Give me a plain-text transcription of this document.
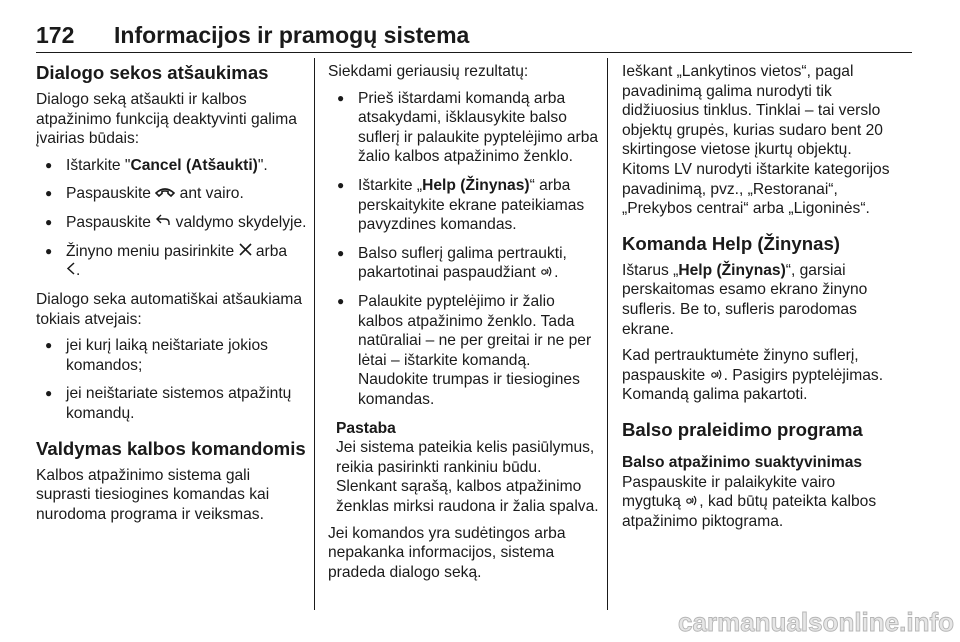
172 Informacijos ir pramogų sistema
Dialogo sekos atšaukimas

Dialogo seką atšaukti ir kalbos atpažinimo funkciją deaktyvinti galima įvairias būdais:

● Ištarkite "Cancel (Atšaukti)".
● Paspauskite ant vairo.
● Paspauskite valdymo skydelyje.
● Žinyno meniu pasirinkite arba
.

Dialogo seka automatiškai atšaukiama tokiais atvejais:

● jei kurį laiką neištariate jokios komandos;
● jei neištariate sistemos atpažintų komandų.
Valdymas kalbos komandomis

Kalbos atpažinimo sistema gali suprasti tiesiogines komandas kai nurodoma programa ir veiksmas.

Siekdami geriausių rezultatų:

● Prieš ištardami komandą arba atsakydami, išklausykite balso suflerį ir palaukite pyptelėjimo arba žalio kalbos atpažinimo ženklo.
● Ištarkite „Help (Žinynas)“ arba perskaitykite ekrane pateikiamas pavyzdines komandas.
● Balso suflerį galima pertraukti, pakartotinai paspaudžiant .
● Palaukite pyptelėjimo ir žalio kalbos atpažinimo ženklo. Tada natūraliai – ne per greitai ir ne per lėtai – ištarkite komandą. Naudokite trumpas ir tiesiogines komandas.
Pastaba
Jei sistema pateikia kelis pasiūlymus, reikia pasirinkti rankiniu būdu. Slenkant sąrašą, kalbos atpažinimo ženklas mirksi raudona ir žalia spalva.

Jei komandos yra sudėtingos arba nepakanka informacijos, sistema pradeda dialogo seką.

Ieškant „Lankytinos vietos“, pagal pavadinimą galima nurodyti tik didžiuosius tinklus. Tinklai – tai verslo objektų grupės, kurias sudaro bent 20 skirtingose vietose įkurtų objektų. Kitoms LV nurodyti ištarkite kategorijos pavadinimą, pvz., „Restoranai“, „Prekybos centrai“ arba „Ligoninės“.

Komanda Help (Žinynas)

Ištarus „Help (Žinynas)“, garsiai perskaitomas esamo ekrano žinyno sufleris. Be to, sufleris parodomas ekrane.

Kad pertrauktumėte žinyno suflerį, paspauskite . Pasigirs pyptelėjimas. Komandą galima pakartoti.

Balso praleidimo programa
Balso atpažinimo suaktyvinimas

Paspauskite ir palaikykite vairo mygtuką , kad būtų pateikta kalbos atpažinimo piktograma.

carmanualsonline.info
